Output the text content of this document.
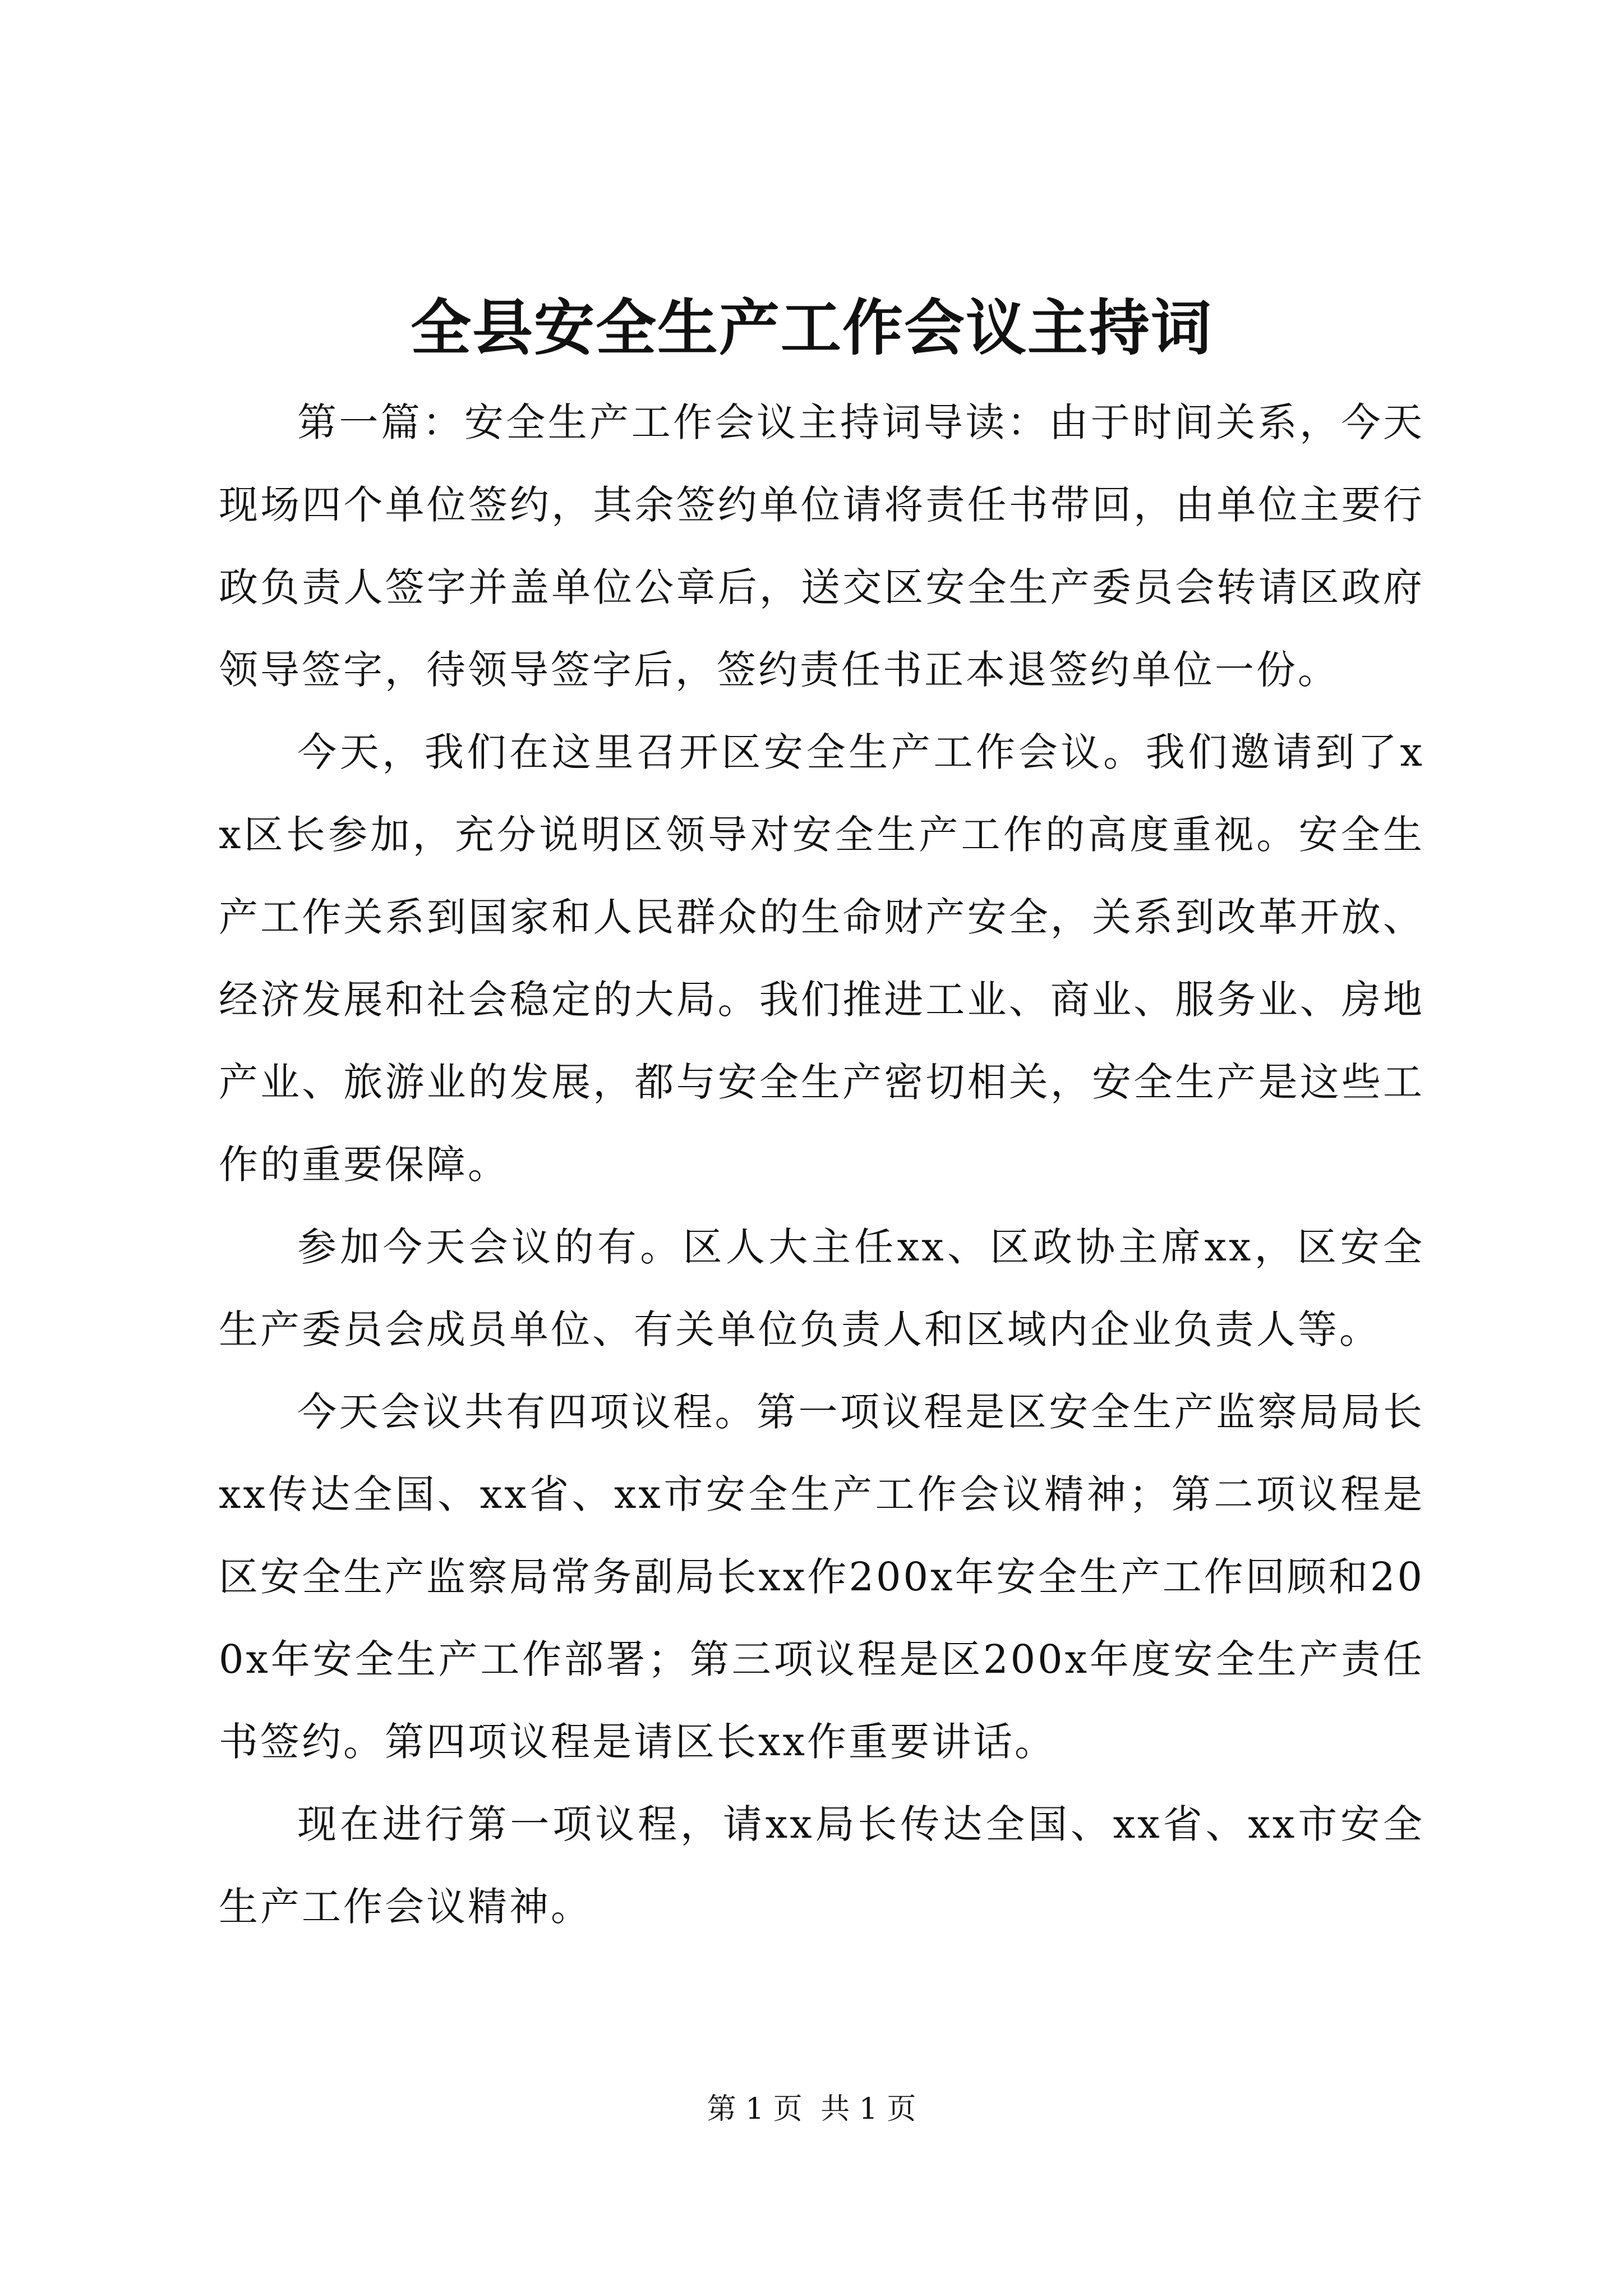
全县安全生产工作会议主持词

第一篇：安全生产工作会议主持词导读：由于时间关系，今天现场四个单位签约，其余签约单位请将责任书带回，由单位主要行政负责人签字并盖单位公章后，送交区安全生产委员会转请区政府领导签字，待领导签字后，签约责任书正本退签约单位一份。

今天，我们在这里召开区安全生产工作会议。我们邀请到了xx区长参加，充分说明区领导对安全生产工作的高度重视。安全生产工作关系到国家和人民群众的生命财产安全，关系到改革开放、经济发展和社会稳定的大局。我们推进工业、商业、服务业、房地产业、旅游业的发展，都与安全生产密切相关，安全生产是这些工作的重要保障。

参加今天会议的有。区人大主任xx、区政协主席xx，区安全生产委员会成员单位、有关单位负责人和区域内企业负责人等。

今天会议共有四项议程。第一项议程是区安全生产监察局局长xx传达全国、xx省、xx市安全生产工作会议精神；第二项议程是区安全生产监察局常务副局长xx作200x年安全生产工作回顾和200x年安全生产工作部署；第三项议程是区200x年度安全生产责任书签约。第四项议程是请区长xx作重要讲话。

现在进行第一项议程，请xx局长传达全国、xx省、xx市安全生产工作会议精神。

第 1 页 共 1 页
